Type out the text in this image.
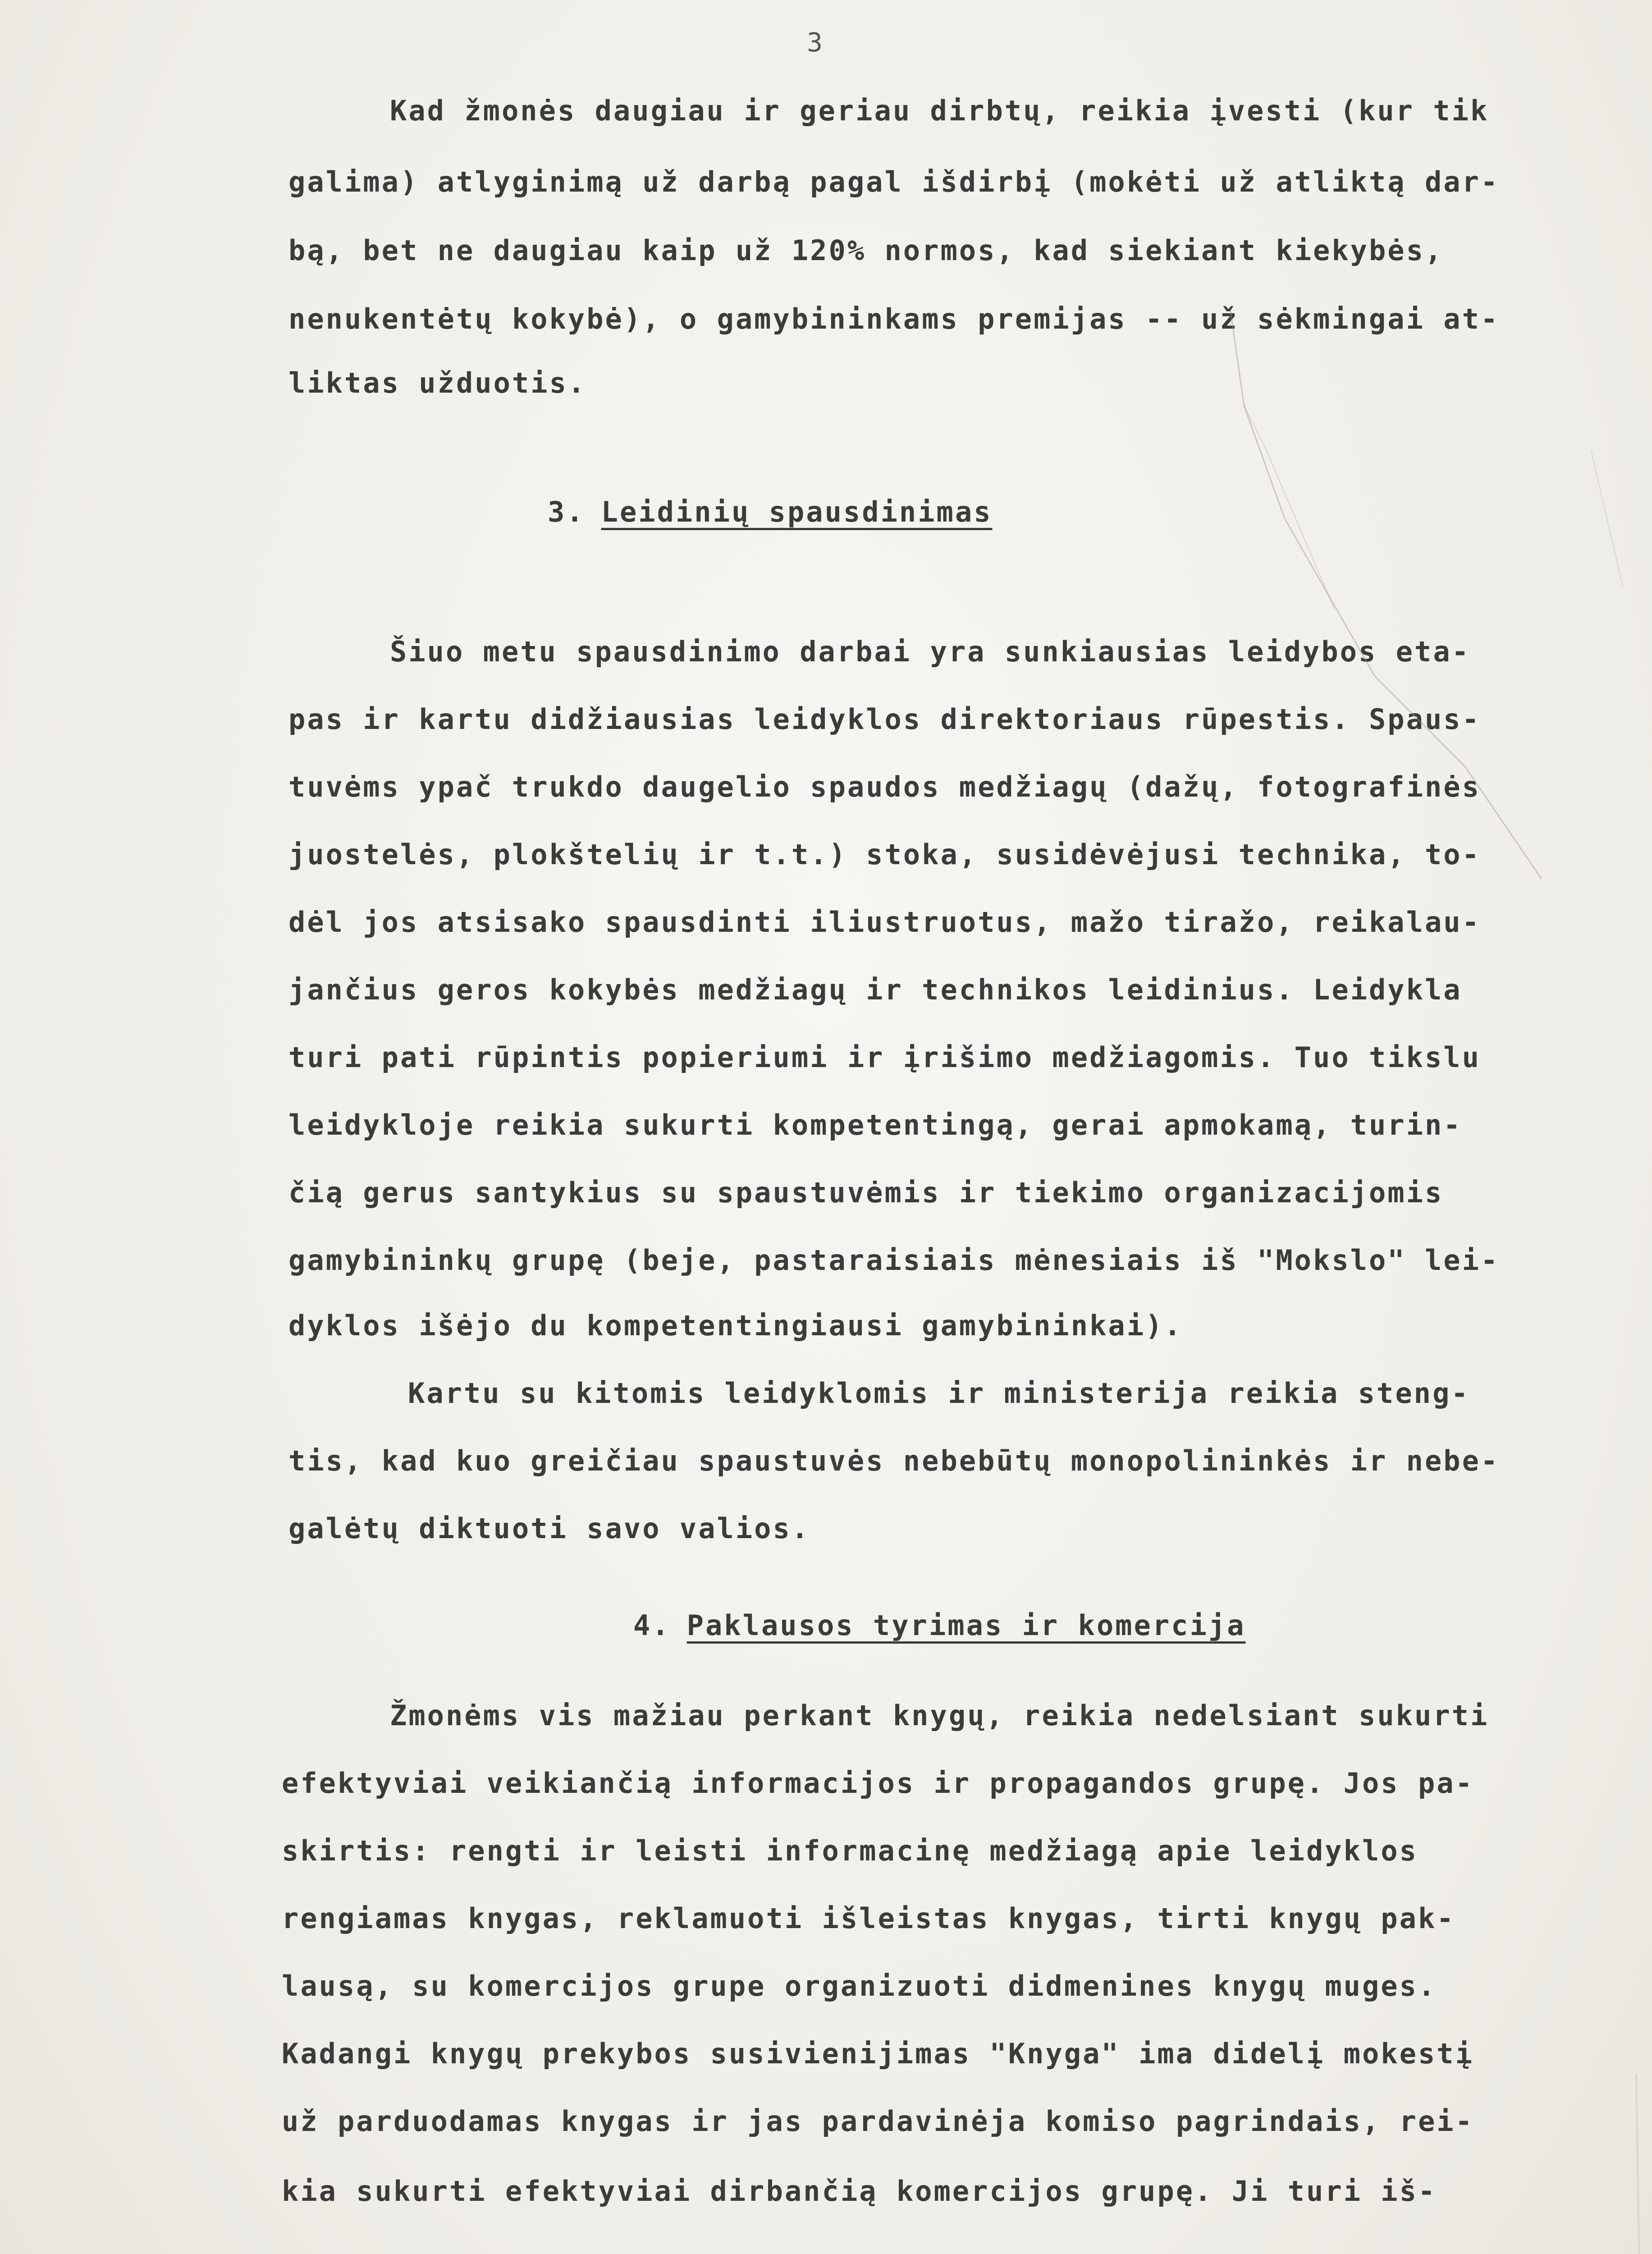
3
Kad žmonės daugiau ir geriau dirbtų, reikia įvesti (kur tik
galima) atlyginimą už darbą pagal išdirbį (mokėti už atliktą dar-
bą, bet ne daugiau kaip už 120% normos, kad siekiant kiekybės,
nenukentėtų kokybė), o gamybininkams premijas -- už sėkmingai at-
liktas užduotis.
3. Leidinių spausdinimas
Šiuo metu spausdinimo darbai yra sunkiausias leidybos eta-
pas ir kartu didžiausias leidyklos direktoriaus rūpestis. Spaus-
tuvėms ypač trukdo daugelio spaudos medžiagų (dažų, fotografinės
juostelės, plokštelių ir t.t.) stoka, susidėvėjusi technika, to-
dėl jos atsisako spausdinti iliustruotus, mažo tiražo, reikalau-
jančius geros kokybės medžiagų ir technikos leidinius. Leidykla
turi pati rūpintis popieriumi ir įrišimo medžiagomis. Tuo tikslu
leidykloje reikia sukurti kompetentingą, gerai apmokamą, turin-
čią gerus santykius su spaustuvėmis ir tiekimo organizacijomis
gamybininkų grupę (beje, pastaraisiais mėnesiais iš "Mokslo" lei-
dyklos išėjo du kompetentingiausi gamybininkai).
Kartu su kitomis leidyklomis ir ministerija reikia steng-
tis, kad kuo greičiau spaustuvės nebebūtų monopolininkės ir nebe-
galėtų diktuoti savo valios.
4. Paklausos tyrimas ir komercija
Žmonėms vis mažiau perkant knygų, reikia nedelsiant sukurti
efektyviai veikiančią informacijos ir propagandos grupę. Jos pa-
skirtis: rengti ir leisti informacinę medžiagą apie leidyklos
rengiamas knygas, reklamuoti išleistas knygas, tirti knygų pak-
lausą, su komercijos grupe organizuoti didmenines knygų muges.
Kadangi knygų prekybos susivienijimas "Knyga" ima didelį mokestį
už parduodamas knygas ir jas pardavinėja komiso pagrindais, rei-
kia sukurti efektyviai dirbančią komercijos grupę. Ji turi iš-
